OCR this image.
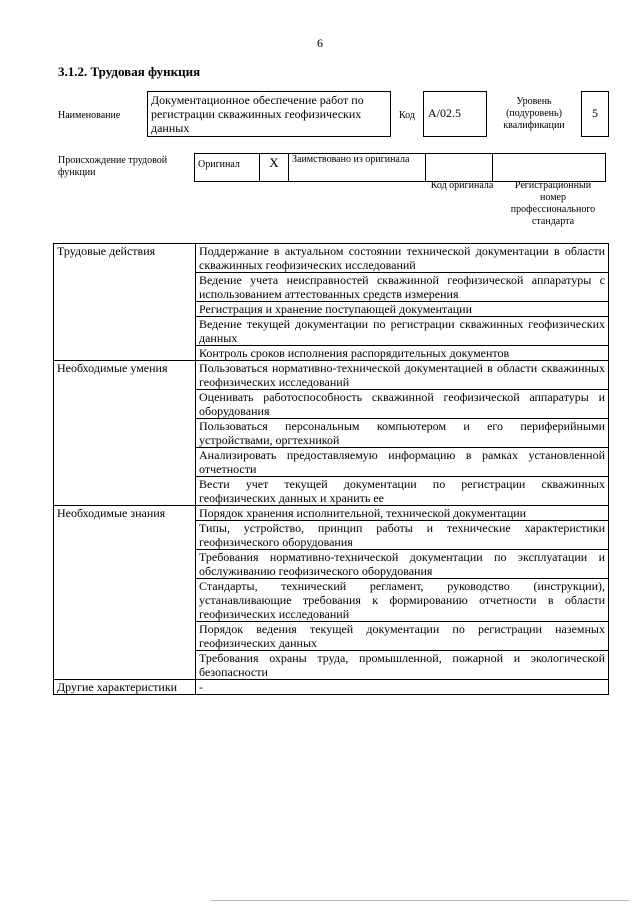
6
3.1.2. Трудовая функция
Наименование
Документационное обеспечение работ по регистрации скважинных геофизических данных
Код	А/02.5
Уровень (подуровень) квалификации
5
Происхождение трудовой функции
Оригинал	Х	Заимствовано из оригинала		
Код оригинала	Регистрационный номер профессионального стандарта
Трудовые действия	Поддержание в актуальном состоянии технической документации в области скважинных геофизических исследований
	Ведение учета неисправностей скважинной геофизической аппаратуры с использованием аттестованных средств измерения
	Регистрация и хранение поступающей документации
	Ведение текущей документации по регистрации скважинных геофизических данных
	Контроль сроков исполнения распорядительных документов
Необходимые умения	Пользоваться нормативно-технической документацией в области скважинных геофизических исследований
	Оценивать работоспособность скважинной геофизической аппаратуры и оборудования
	Пользоваться персональным компьютером и его периферийными устройствами, оргтехникой
	Анализировать предоставляемую информацию в рамках установленной отчетности
	Вести учет текущей документации по регистрации скважинных геофизических данных и хранить ее
Необходимые знания	Порядок хранения исполнительной, технической документации
	Типы, устройство, принцип работы и технические характеристики геофизического оборудования
	Требования нормативно-технической документации по эксплуатации и обслуживанию геофизического оборудования
	Стандарты, технический регламент, руководство (инструкции), устанавливающие требования к формированию отчетности в области геофизических исследований
	Порядок ведения текущей документации по регистрации наземных геофизических данных
	Требования охраны труда, промышленной, пожарной и экологической безопасности
Другие характеристики	-
